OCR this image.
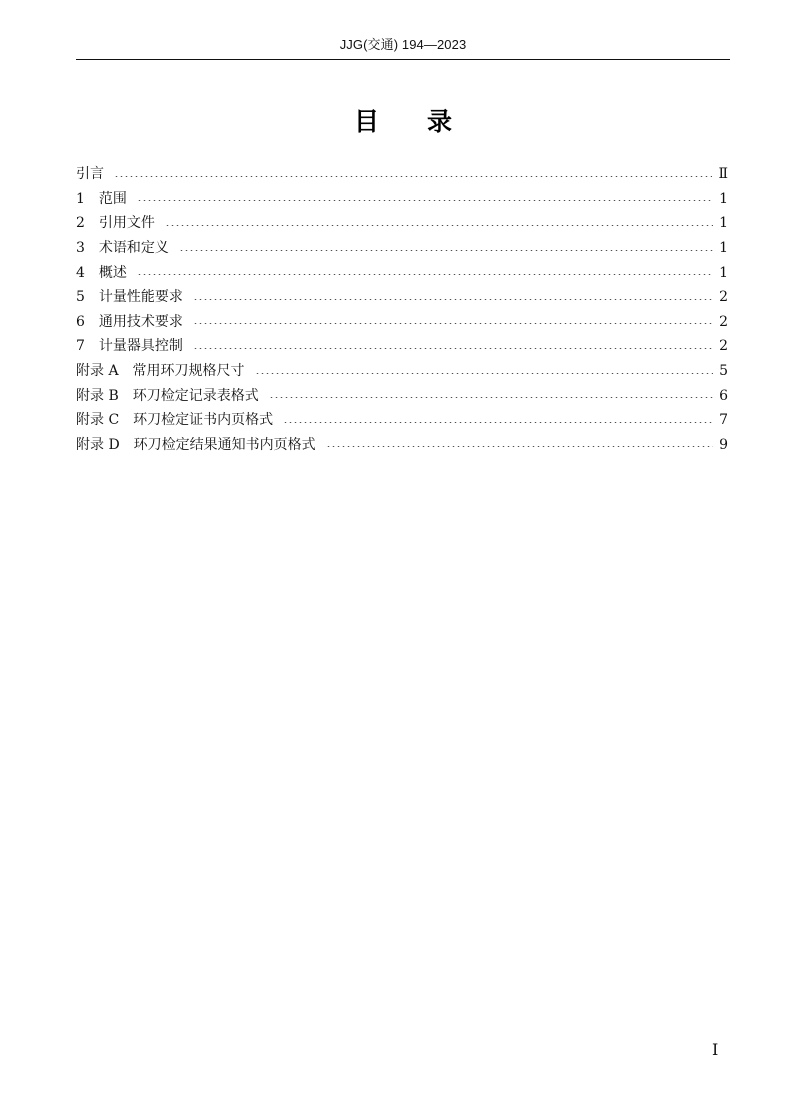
JJG(交通) 194—2023
目录
引言	Ⅱ
1　范围	1
2　引用文件	1
3　术语和定义	1
4　概述	1
5　计量性能要求	2
6　通用技术要求	2
7　计量器具控制	2
附录 A　常用环刀规格尺寸	5
附录 B　环刀检定记录表格式	6
附录 C　环刀检定证书内页格式	7
附录 D　环刀检定结果通知书内页格式	9
Ⅰ
